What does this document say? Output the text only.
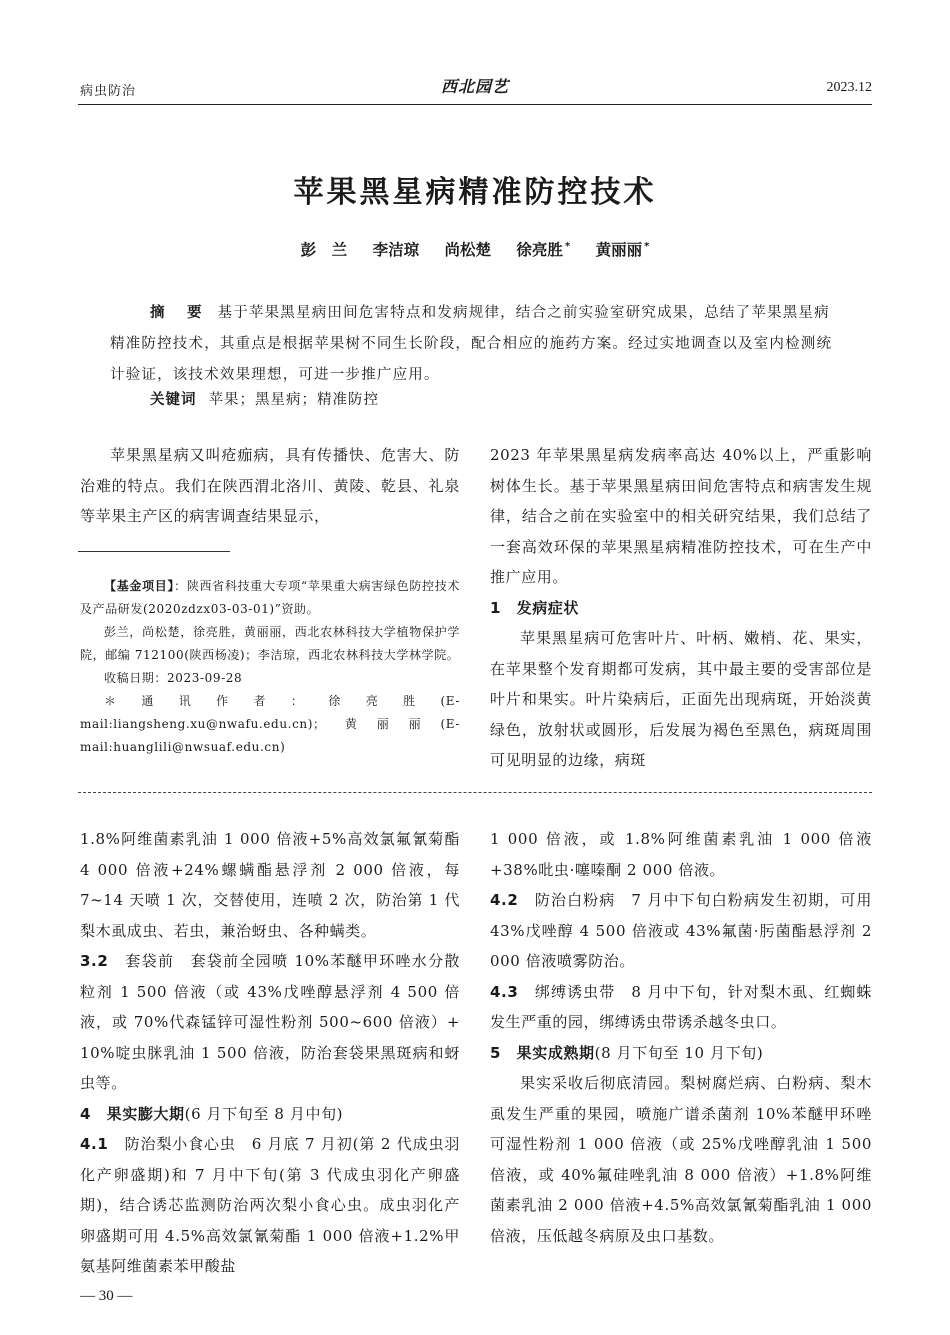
病虫防治	西北园艺	2023.12
苹果黑星病精准防控技术
彭　兰 李洁琼 尚松楚 徐亮胜 * 黄丽丽 *
摘　要 基于苹果黑星病田间危害特点和发病规律，结合之前实验室研究成果，总结了苹果黑星病精准防控技术，其重点是根据苹果树不同生长阶段，配合相应的施药方案。经过实地调查以及室内检测统计验证，该技术效果理想，可进一步推广应用。
关键词 苹果；黑星病；精准防控

苹果黑星病又叫疮痂病，具有传播快、危害大、防治难的特点。我们在陕西渭北洛川、黄陵、乾县、礼泉等苹果主产区的病害调查结果显示，

【基金项目】：陕西省科技重大专项“苹果重大病害绿色防控技术及产品研发(2020zdzx03-03-01)”资助。

彭兰，尚松楚，徐亮胜，黄丽丽，西北农林科技大学植物保护学院，邮编 712100(陕西杨凌)；李洁琼，西北农林科技大学林学院。

收稿日期：2023-09-28

＊通讯作者：徐亮胜(E-mail:liangsheng.xu@nwafu.edu.cn)；黄丽丽(E-mail:huanglili@nwsuaf.edu.cn)

2023 年苹果黑星病发病率高达 40%以上，严重影响树体生长。基于苹果黑星病田间危害特点和病害发生规律，结合之前在实验室中的相关研究结果，我们总结了一套高效环保的苹果黑星病精准防控技术，可在生产中推广应用。

1　发病症状

苹果黑星病可危害叶片、叶柄、嫩梢、花、果实，在苹果整个发育期都可发病，其中最主要的受害部位是叶片和果实。叶片染病后，正面先出现病斑，开始淡黄绿色，放射状或圆形，后发展为褐色至黑色，病斑周围可见明显的边缘，病斑

1.8%阿维菌素乳油 1 000 倍液+5%高效氯氟氰菊酯 4 000 倍液+24%螺螨酯悬浮剂 2 000 倍液，每 7~14 天喷 1 次，交替使用，连喷 2 次，防治第 1 代梨木虱成虫、若虫，兼治蚜虫、各种螨类。

3.2　套袋前　套袋前全园喷 10%苯醚甲环唑水分散粒剂 1 500 倍液（或 43%戊唑醇悬浮剂 4 500 倍液，或 70%代森锰锌可湿性粉剂 500~600 倍液）+ 10%啶虫脒乳油 1 500 倍液，防治套袋果黑斑病和蚜虫等。

4　果实膨大期(6 月下旬至 8 月中旬)

4.1　防治梨小食心虫　6 月底 7 月初(第 2 代成虫羽化产卵盛期)和 7 月中下旬(第 3 代成虫羽化产卵盛期)，结合诱芯监测防治两次梨小食心虫。成虫羽化产卵盛期可用 4.5%高效氯氰菊酯 1 000 倍液+1.2%甲氨基阿维菌素苯甲酸盐

1 000 倍液，或 1.8%阿维菌素乳油 1 000 倍液+38%吡虫·噻嗪酮 2 000 倍液。

4.2　防治白粉病　7 月中下旬白粉病发生初期，可用 43%戊唑醇 4 500 倍液或 43%氟菌·肟菌酯悬浮剂 2 000 倍液喷雾防治。

4.3　绑缚诱虫带　8 月中下旬，针对梨木虱、红蜘蛛发生严重的园，绑缚诱虫带诱杀越冬虫口。

5　果实成熟期(8 月下旬至 10 月下旬)

果实采收后彻底清园。梨树腐烂病、白粉病、梨木虱发生严重的果园，喷施广谱杀菌剂 10%苯醚甲环唑可湿性粉剂 1 000 倍液（或 25%戊唑醇乳油 1 500 倍液，或 40%氟硅唑乳油 8 000 倍液）+1.8%阿维菌素乳油 2 000 倍液+4.5%高效氯氰菊酯乳油 1 000 倍液，压低越冬病原及虫口基数。

— 30 —
